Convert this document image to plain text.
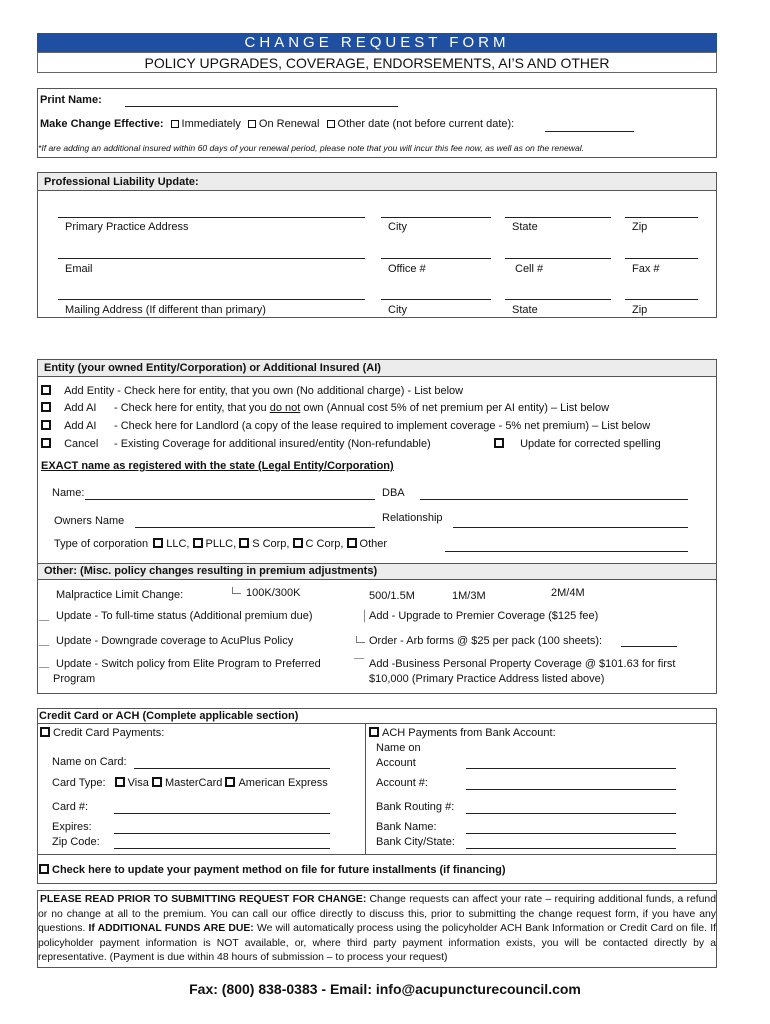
CHANGE REQUEST FORM
POLICY UPGRADES, COVERAGE, ENDORSEMENTS, AI’S AND OTHER
Print Name:
Make Change Effective: Immediately On Renewal Other date (not before current date):
*If are adding an additional insured within 60 days of your renewal period, please note that you will incur this fee now, as well as on the renewal.
Professional Liability Update:
Primary Practice Address	City	State	Zip
Email	Office #	Cell #	Fax #
Mailing Address (If different than primary)	City	State	Zip
Entity (your owned Entity/Corporation) or Additional Insured (AI)
Add Entity - Check here for entity, that you own (No additional charge) - List below
Add AI - Check here for entity, that you do not own (Annual cost 5% of net premium per AI entity) – List below
Add AI - Check here for Landlord (a copy of the lease required to implement coverage - 5% net premium) – List below
Cancel - Existing Coverage for additional insured/entity (Non-refundable)	Update for corrected spelling
EXACT name as registered with the state (Legal Entity/Corporation)
Name:	DBA
Owners Name	Relationship
Type of corporation LLC, PLLC, S Corp, C Corp, Other
Other: (Misc. policy changes resulting in premium adjustments)
Malpractice Limit Change:	100K/300K	500/1.5M	1M/3M	2M/4M
Update - To full-time status (Additional premium due)	Add - Upgrade to Premier Coverage ($125 fee)
Update - Downgrade coverage to AcuPlus Policy	Order - Arb forms @ $25 per pack (100 sheets):
Update - Switch policy from Elite Program to Preferred
Program
Add -Business Personal Property Coverage @ $101.63 for first
$10,000 (Primary Practice Address listed above)
Credit Card or ACH (Complete applicable section)
Credit Card Payments:	ACH Payments from Bank Account:
Name on Card:
Card Type: Visa MasterCard American Express
Card #:
Expires:
Zip Code:
Name on
Account
Account #:
Bank Routing #:
Bank Name:
Bank City/State:
Check here to update your payment method on file for future installments (if financing)
PLEASE READ PRIOR TO SUBMITTING REQUEST FOR CHANGE: Change requests can affect your rate – requiring additional funds, a refund or no change at all to the premium. You can call our office directly to discuss this, prior to submitting the change request form, if you have any questions. If ADDITIONAL FUNDS ARE DUE: We will automatically process using the policyholder ACH Bank Information or Credit Card on file. If policyholder payment information is NOT available, or, where third party payment information exists, you will be contacted directly by a representative. (Payment is due within 48 hours of submission – to process your request)
Fax: (800) 838-0383 - Email: info@acupuncturecouncil.com
